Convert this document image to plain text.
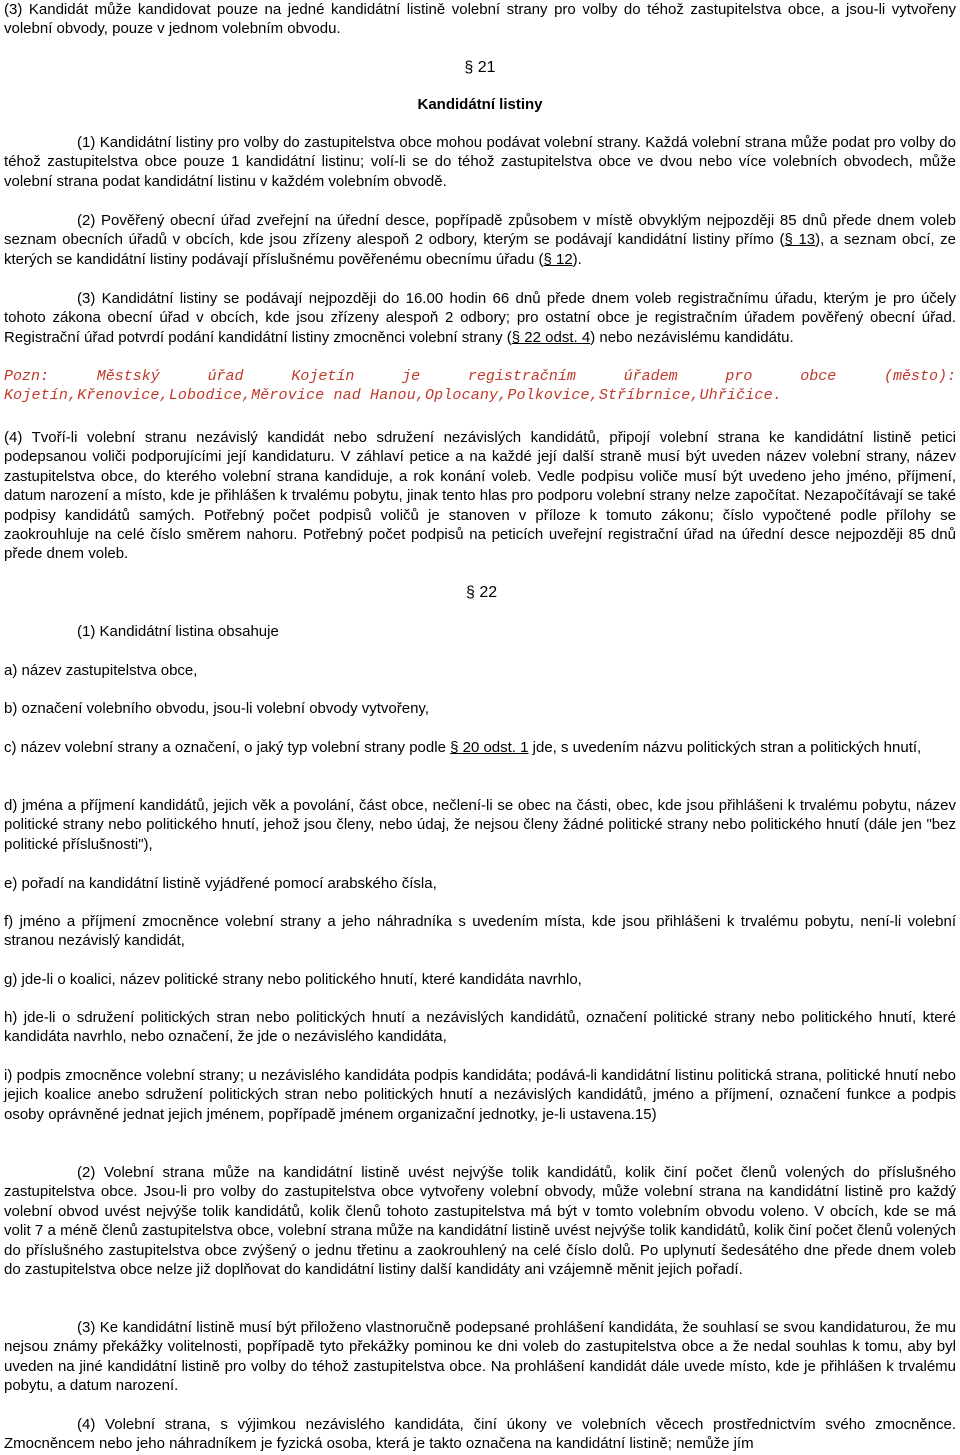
(3) Kandidát může kandidovat pouze na jedné kandidátní listině volební strany pro volby do téhož zastupitelstva obce, a jsou-li vytvořeny volební obvody, pouze v jednom volebním obvodu.

§ 21

Kandidátní listiny

(1) Kandidátní listiny pro volby do zastupitelstva obce mohou podávat volební strany. Každá volební strana může podat pro volby do téhož zastupitelstva obce pouze 1 kandidátní listinu; volí-li se do téhož zastupitelstva obce ve dvou nebo více volebních obvodech, může volební strana podat kandidátní listinu v každém volebním obvodě.

(2) Pověřený obecní úřad zveřejní na úřední desce, popřípadě způsobem v místě obvyklým nejpozději 85 dnů přede dnem voleb seznam obecních úřadů v obcích, kde jsou zřízeny alespoň 2 odbory, kterým se podávají kandidátní listiny přímo (§ 13), a seznam obcí, ze kterých se kandidátní listiny podávají příslušnému pověřenému obecnímu úřadu (§ 12).

(3) Kandidátní listiny se podávají nejpozději do 16.00 hodin 66 dnů přede dnem voleb registračnímu úřadu, kterým je pro účely tohoto zákona obecní úřad v obcích, kde jsou zřízeny alespoň 2 odbory; pro ostatní obce je registračním úřadem pověřený obecní úřad. Registrační úřad potvrdí podání kandidátní listiny zmocněnci volební strany (§ 22 odst. 4) nebo nezávislému kandidátu.

Pozn: Městský úřad Kojetín je registračním úřadem pro obce (město):

Kojetín,Křenovice,Lobodice,Měrovice nad Hanou,Oplocany,Polkovice,Stříbrnice,Uhřičice.

(4) Tvoří-li volební stranu nezávislý kandidát nebo sdružení nezávislých kandidátů, připojí volební strana ke kandidátní listině petici podepsanou voliči podporujícími její kandidaturu. V záhlaví petice a na každé její další straně musí být uveden název volební strany, název zastupitelstva obce, do kterého volební strana kandiduje, a rok konání voleb. Vedle podpisu voliče musí být uvedeno jeho jméno, příjmení, datum narození a místo, kde je přihlášen k trvalému pobytu, jinak tento hlas pro podporu volební strany nelze započítat. Nezapočítávají se také podpisy kandidátů samých. Potřebný počet podpisů voličů je stanoven v příloze k tomuto zákonu; číslo vypočtené podle přílohy se zaokrouhluje na celé číslo směrem nahoru. Potřebný počet podpisů na peticích uveřejní registrační úřad na úřední desce nejpozději 85 dnů přede dnem voleb.

§ 22

(1) Kandidátní listina obsahuje

a) název zastupitelstva obce,

b) označení volebního obvodu, jsou-li volební obvody vytvořeny,

c) název volební strany a označení, o jaký typ volební strany podle § 20 odst. 1 jde, s uvedením názvu politických stran a politických hnutí,

d) jména a příjmení kandidátů, jejich věk a povolání, část obce, nečlení-li se obec na části, obec, kde jsou přihlášeni k trvalému pobytu, název politické strany nebo politického hnutí, jehož jsou členy, nebo údaj, že nejsou členy žádné politické strany nebo politického hnutí (dále jen "bez politické příslušnosti"),

e) pořadí na kandidátní listině vyjádřené pomocí arabského čísla,

f) jméno a příjmení zmocněnce volební strany a jeho náhradníka s uvedením místa, kde jsou přihlášeni k trvalému pobytu, není-li volební stranou nezávislý kandidát,

g) jde-li o koalici, název politické strany nebo politického hnutí, které kandidáta navrhlo,

h) jde-li o sdružení politických stran nebo politických hnutí a nezávislých kandidátů, označení politické strany nebo politického hnutí, které kandidáta navrhlo, nebo označení, že jde o nezávislého kandidáta,

i) podpis zmocněnce volební strany; u nezávislého kandidáta podpis kandidáta; podává-li kandidátní listinu politická strana, politické hnutí nebo jejich koalice anebo sdružení politických stran nebo politických hnutí a nezávislých kandidátů, jméno a příjmení, označení funkce a podpis osoby oprávněné jednat jejich jménem, popřípadě jménem organizační jednotky, je-li ustavena.15)

(2) Volební strana může na kandidátní listině uvést nejvýše tolik kandidátů, kolik činí počet členů volených do příslušného zastupitelstva obce. Jsou-li pro volby do zastupitelstva obce vytvořeny volební obvody, může volební strana na kandidátní listině pro každý volební obvod uvést nejvýše tolik kandidátů, kolik členů tohoto zastupitelstva má být v tomto volebním obvodu voleno. V obcích, kde se má volit 7 a méně členů zastupitelstva obce, volební strana může na kandidátní listině uvést nejvýše tolik kandidátů, kolik činí počet členů volených do příslušného zastupitelstva obce zvýšený o jednu třetinu a zaokrouhlený na celé číslo dolů. Po uplynutí šedesátého dne přede dnem voleb do zastupitelstva obce nelze již doplňovat do kandidátní listiny další kandidáty ani vzájemně měnit jejich pořadí.

(3) Ke kandidátní listině musí být přiloženo vlastnoručně podepsané prohlášení kandidáta, že souhlasí se svou kandidaturou, že mu nejsou známy překážky volitelnosti, popřípadě tyto překážky pominou ke dni voleb do zastupitelstva obce a že nedal souhlas k tomu, aby byl uveden na jiné kandidátní listině pro volby do téhož zastupitelstva obce. Na prohlášení kandidát dále uvede místo, kde je přihlášen k trvalému pobytu, a datum narození.

(4) Volební strana, s výjimkou nezávislého kandidáta, činí úkony ve volebních věcech prostřednictvím svého zmocněnce. Zmocněncem nebo jeho náhradníkem je fyzická osoba, která je takto označena na kandidátní listině; nemůže jím
